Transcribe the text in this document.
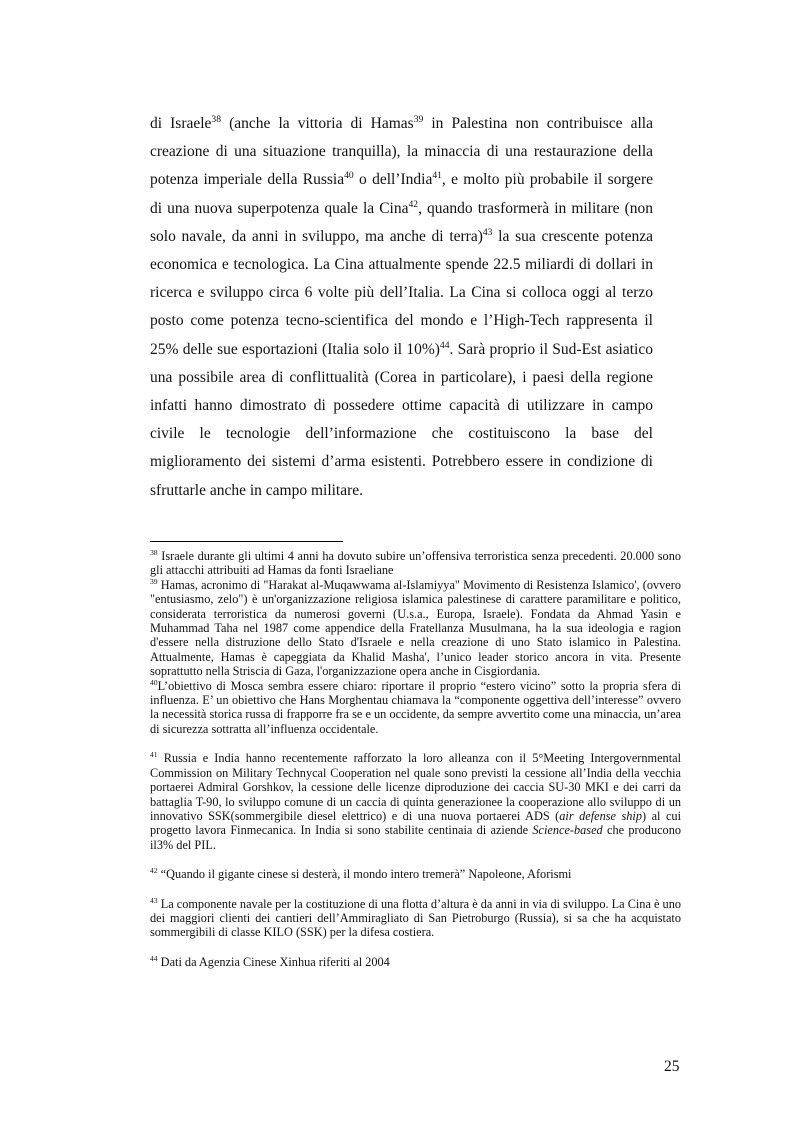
di Israele$^{38}$ (anche la vittoria di Hamas$^{39}$ in Palestina non contribuisce alla creazione di una situazione tranquilla), la minaccia di una restaurazione della potenza imperiale della Russia$^{40}$ o dell’India$^{41}$, e molto più probabile il sorgere di una nuova superpotenza quale la Cina$^{42}$, quando trasformerà in militare (non solo navale, da anni in sviluppo, ma anche di terra)$^{43}$ la sua crescente potenza economica e tecnologica. La Cina attualmente spende 22.5 miliardi di dollari in ricerca e sviluppo circa 6 volte più dell’Italia. La Cina si colloca oggi al terzo posto come potenza tecno-scientifica del mondo e l’High-Tech rappresenta il 25% delle sue esportazioni (Italia solo il 10%)$^{44}$. Sarà proprio il Sud-Est asiatico una possibile area di conflittualità (Corea in particolare), i paesi della regione infatti hanno dimostrato di possedere ottime capacità di utilizzare in campo civile le tecnologie dell’informazione che costituiscono la base del miglioramento dei sistemi d’arma esistenti. Potrebbero essere in condizione di sfruttarle anche in campo militare.

$^{38}$ Israele durante gli ultimi 4 anni ha dovuto subire un’offensiva terroristica senza precedenti. 20.000 sono gli attacchi attribuiti ad Hamas da fonti Israeliane

$^{39}$ Hamas, acronimo di "Harakat al-Muqawwama al-Islamiyya" Movimento di Resistenza Islamico', (ovvero "entusiasmo, zelo") è un'organizzazione religiosa islamica palestinese di carattere paramilitare e politico, considerata terroristica da numerosi governi (U.s.a., Europa, Israele). Fondata da Ahmad Yasin e Muhammad Taha nel 1987 come appendice della Fratellanza Musulmana, ha la sua ideologia e ragion d'essere nella distruzione dello Stato d'Israele e nella creazione di uno Stato islamico in Palestina. Attualmente, Hamas è capeggiata da Khalid Masha', l’unico leader storico ancora in vita. Presente soprattutto nella Striscia di Gaza, l'organizzazione opera anche in Cisgiordania.

$^{40}$L’obiettivo di Mosca sembra essere chiaro: riportare il proprio “estero vicino” sotto la propria sfera di influenza. E’ un obiettivo che Hans Morghentau chiamava la “componente oggettiva dell’interesse” ovvero la necessità storica russa di frapporre fra se e un occidente, da sempre avvertito come una minaccia, un’area di sicurezza sottratta all’influenza occidentale.

$^{41}$ Russia e India hanno recentemente rafforzato la loro alleanza con il 5°Meeting Intergovernmental Commission on Military Technycal Cooperation nel quale sono previsti la cessione all’India della vecchia portaerei Admiral Gorshkov, la cessione delle licenze diproduzione dei caccia SU-30 MKI e dei carri da battaglia T-90, lo sviluppo comune di un caccia di quinta generazionee la cooperazione allo sviluppo di un innovativo SSK(sommergibile diesel elettrico) e di una nuova portaerei ADS (air defense ship) al cui progetto lavora Finmecanica. In India si sono stabilite centinaia di aziende Science-based che producono il3% del PIL.

$^{42}$ “Quando il gigante cinese si desterà, il mondo intero tremerà” Napoleone, Aforismi

$^{43}$ La componente navale per la costituzione di una flotta d’altura è da anni in via di sviluppo. La Cina è uno dei maggiori clienti dei cantieri dell’Ammiragliato di San Pietroburgo (Russia), si sa che ha acquistato sommergibili di classe KILO (SSK) per la difesa costiera.

$^{44}$ Dati da Agenzia Cinese Xinhua riferiti al 2004

25
